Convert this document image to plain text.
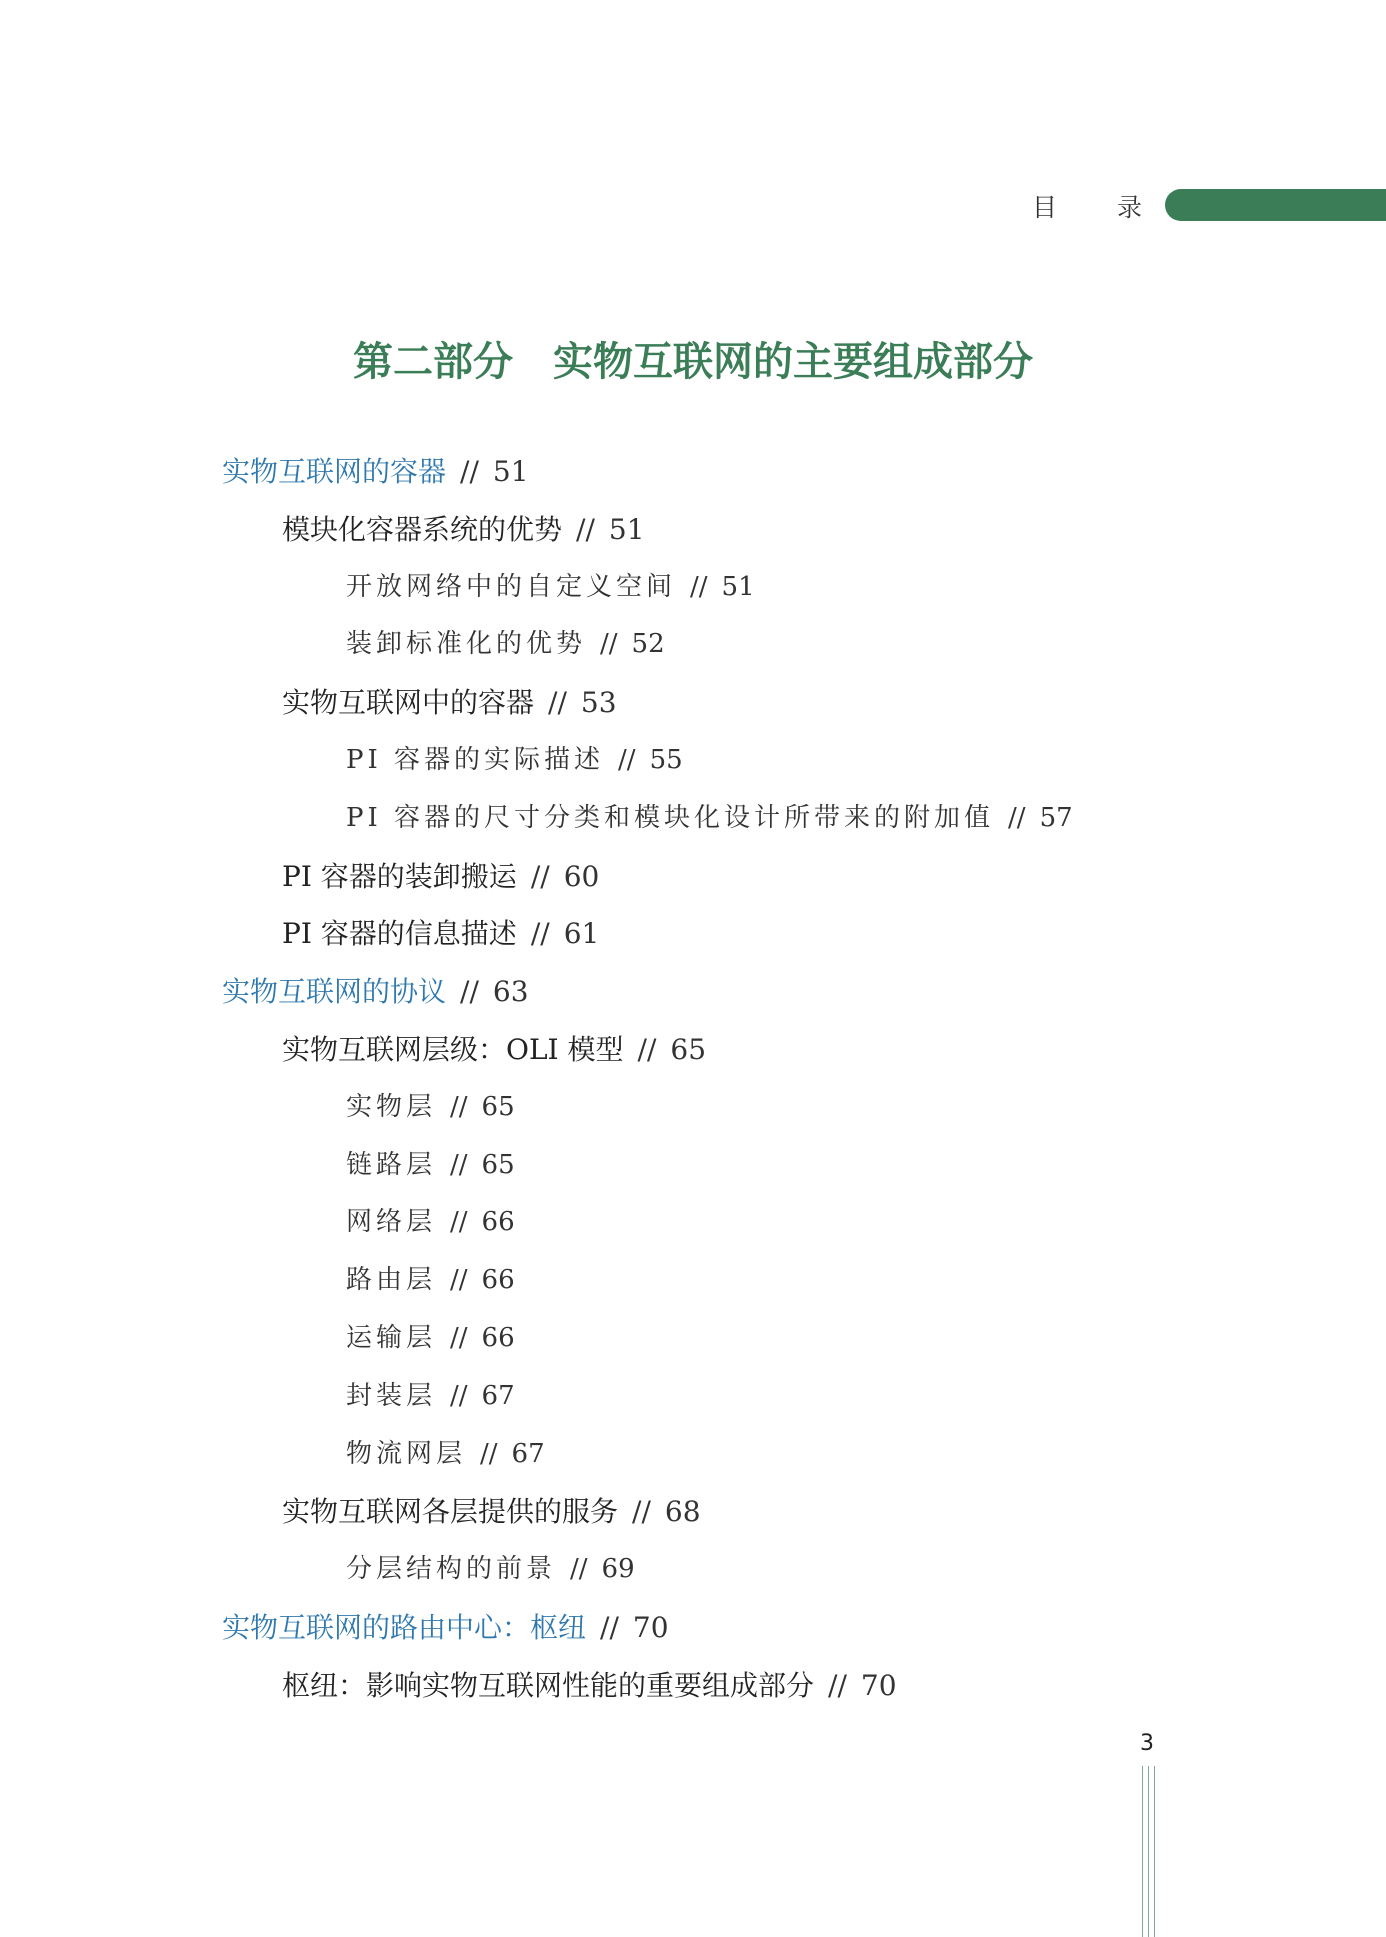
目 录
第二部分　实物互联网的主要组成部分
实物互联网的容器 // 51
模块化容器系统的优势 // 51
开放网络中的自定义空间 // 51
装卸标准化的优势 // 52
实物互联网中的容器 // 53
PI 容器的实际描述 // 55
PI 容器的尺寸分类和模块化设计所带来的附加值 // 57
PI 容器的装卸搬运 // 60
PI 容器的信息描述 // 61
实物互联网的协议 // 63
实物互联网层级：OLI 模型 // 65
实物层 // 65
链路层 // 65
网络层 // 66
路由层 // 66
运输层 // 66
封装层 // 67
物流网层 // 67
实物互联网各层提供的服务 // 68
分层结构的前景 // 69
实物互联网的路由中心：枢纽 // 70
枢纽：影响实物互联网性能的重要组成部分 // 70
3
